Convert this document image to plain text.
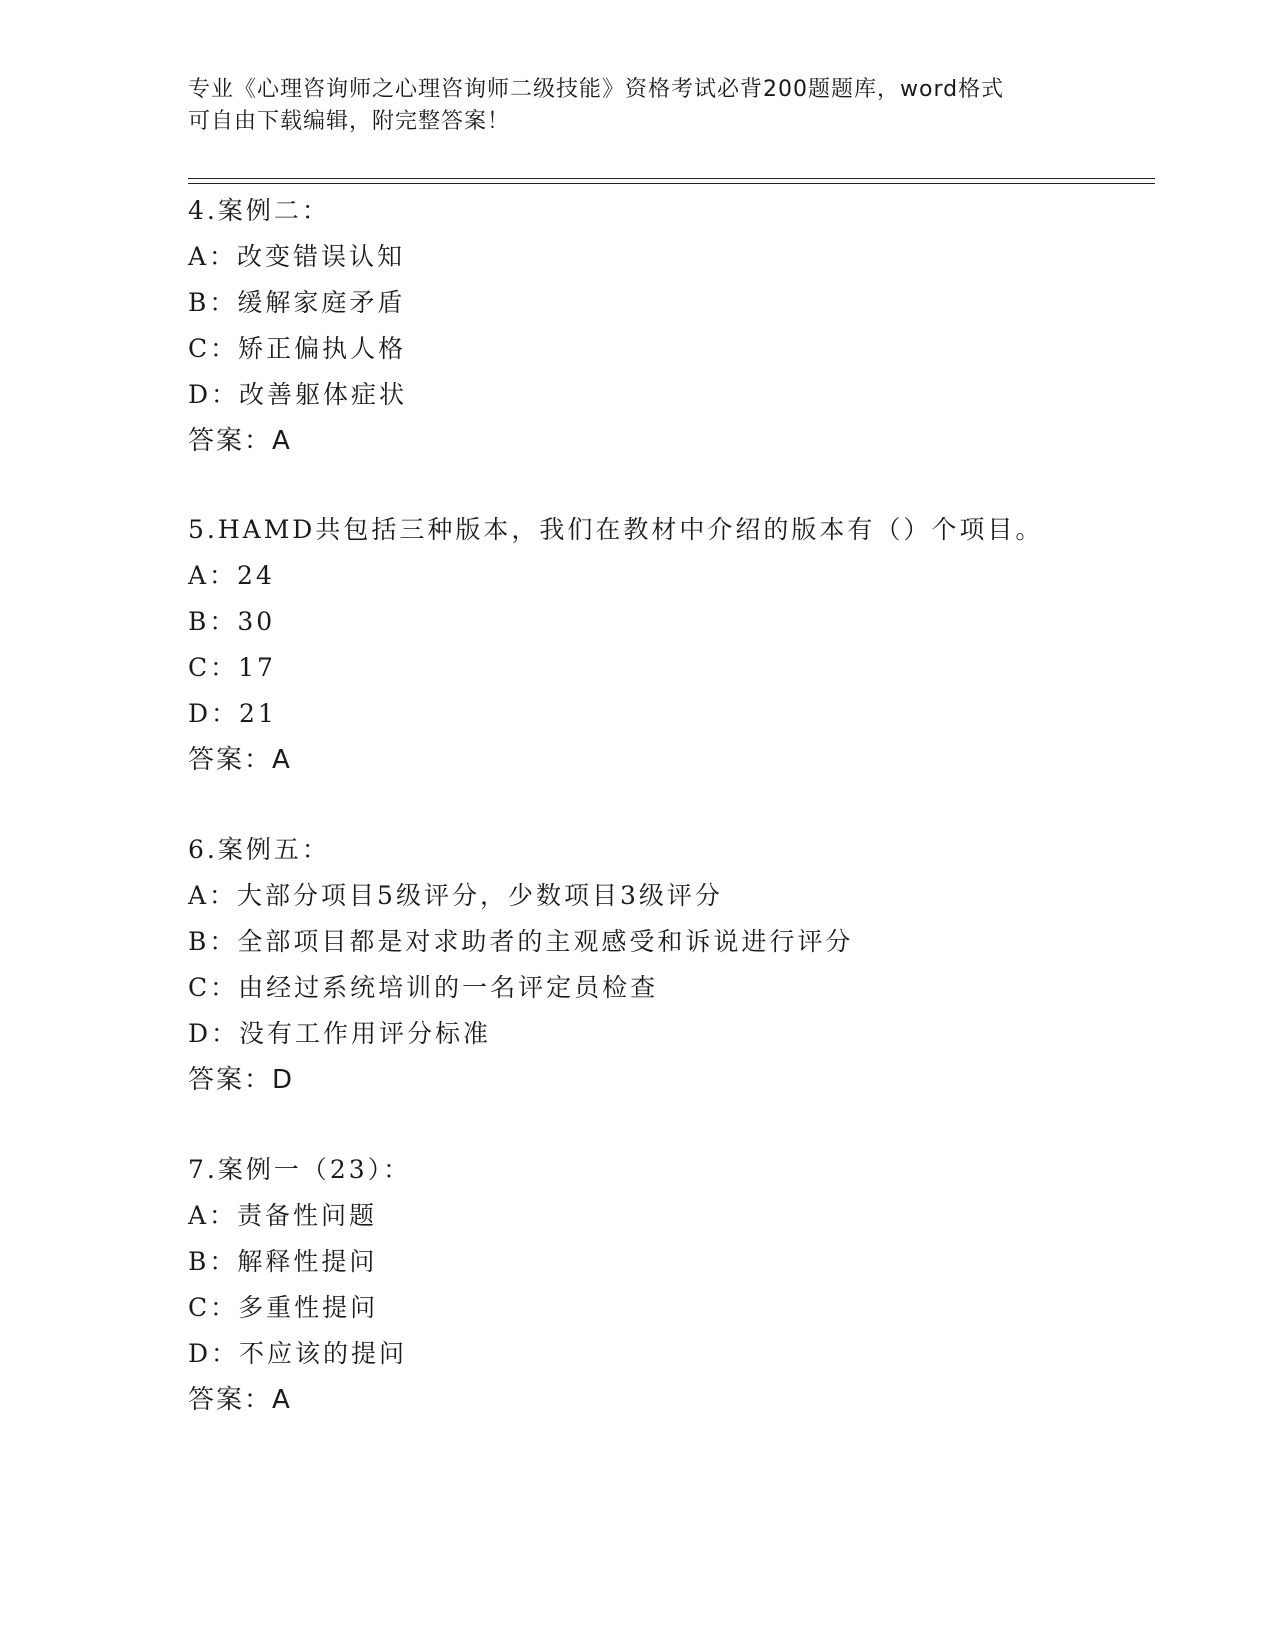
专业《心理咨询师之心理咨询师二级技能》资格考试必背200题题库，word格式

可自由下载编辑，附完整答案！

4.案例二：
A：改变错误认知
B：缓解家庭矛盾
C：矫正偏执人格
D：改善躯体症状
答案：A
5.HAMD共包括三种版本，我们在教材中介绍的版本有（）个项目。
A：24
B：30
C：17
D：21
答案：A
6.案例五：
A：大部分项目5级评分，少数项目3级评分
B：全部项目都是对求助者的主观感受和诉说进行评分
C：由经过系统培训的一名评定员检查
D：没有工作用评分标准
答案：D
7.案例一（23）：
A：责备性问题
B：解释性提问
C：多重性提问
D：不应该的提问
答案：A
